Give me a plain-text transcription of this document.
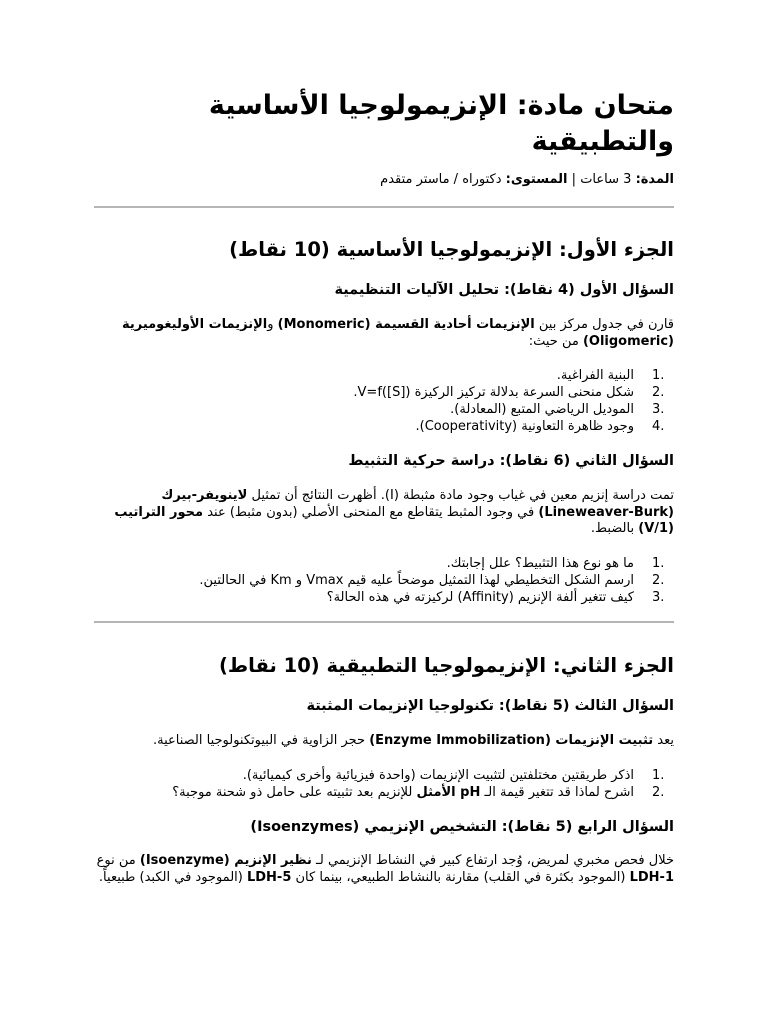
متحان مادة: الإنزيمولوجيا الأساسية والتطبيقية
المدة: 3 ساعات | المستوى: دكتوراه / ماستر متقدم
الجزء الأول: الإنزيمولوجيا الأساسية (10 نقاط)
السؤال الأول (4 نقاط): تحليل الآليات التنظيمية

قارن في جدول مركز بين الإنزيمات أحادية القسيمة (Monomeric) والإنزيمات الأوليغوميرية (Oligomeric) من حيث:

1.
البنية الفراغية.
2.
شكل منحنى السرعة بدلالة تركيز الركيزة ([S])V=f.
3.
الموديل الرياضي المتبع (المعادلة).
4.
وجود ظاهرة التعاونية (Cooperativity).
السؤال الثاني (6 نقاط): دراسة حركية التثبيط

تمت دراسة إنزيم معين في غياب وجود مادة مثبطة (I). أظهرت النتائج أن تمثيل لاينويفر-بيرك (Lineweaver-Burk) في وجود المثبط يتقاطع مع المنحنى الأصلي (بدون مثبط) عند محور التراتيب (1/V) بالضبط.

1.
ما هو نوع هذا التثبيط؟ علل إجابتك.
2.
ارسم الشكل التخطيطي لهذا التمثيل موضحاً عليه قيم Vmax و Km في الحالتين.
3.
كيف تتغير ألفة الإنزيم (Affinity) لركيزته في هذه الحالة؟
الجزء الثاني: الإنزيمولوجيا التطبيقية (10 نقاط)
السؤال الثالث (5 نقاط): تكنولوجيا الإنزيمات المثبتة

يعد تثبيت الإنزيمات (Enzyme Immobilization) حجر الزاوية في البيوتكنولوجيا الصناعية.

1.
اذكر طريقتين مختلفتين لتثبيت الإنزيمات (واحدة فيزيائية وأخرى كيميائية).
2.
اشرح لماذا قد تتغير قيمة الـ pH الأمثل للإنزيم بعد تثبيته على حامل ذو شحنة موجبة؟
السؤال الرابع (5 نقاط): التشخيص الإنزيمي (Isoenzymes)

خلال فحص مخبري لمريض، وُجد ارتفاع كبير في النشاط الإنزيمي لـ نظير الإنزيم (Isoenzyme) من نوع LDH-1 (الموجود بكثرة في القلب) مقارنة بالنشاط الطبيعي، بينما كان LDH-5 (الموجود في الكبد) طبيعياً.
